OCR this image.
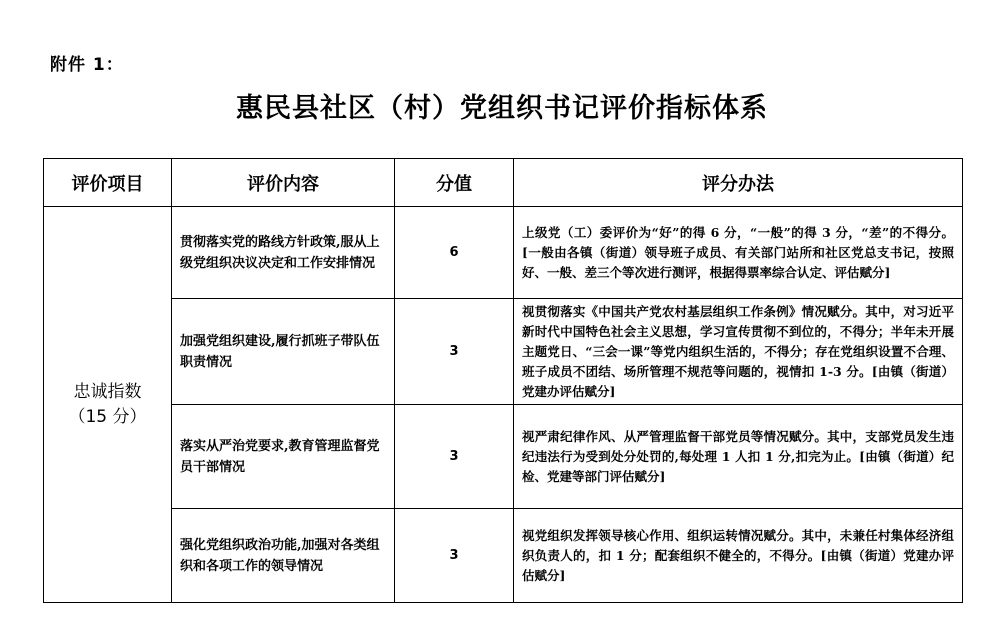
附件 1：
惠民县社区（村）党组织书记评价指标体系
评价项目	评价内容	分值	评分办法

忠诚指数
（15 分）	贯彻落实党的路线方针政策,服从上级党组织决议决定和工作安排情况	6	上级党（工）委评价为“好”的得 6 分，“一般”的得 3 分，“差”的不得分。[一般由各镇（街道）领导班子成员、有关部门站所和社区党总支书记，按照好、一般、差三个等次进行测评，根据得票率综合认定、评估赋分]
	加强党组织建设,履行抓班子带队伍职责情况	3	视贯彻落实《中国共产党农村基层组织工作条例》情况赋分。其中，对习近平新时代中国特色社会主义思想，学习宣传贯彻不到位的，不得分；半年未开展主题党日、“三会一课”等党内组织生活的，不得分；存在党组织设置不合理、班子成员不团结、场所管理不规范等问题的，视情扣 1-3 分。[由镇（街道）党建办评估赋分]
	落实从严治党要求,教育管理监督党员干部情况	3	视严肃纪律作风、从严管理监督干部党员等情况赋分。其中，支部党员发生违纪违法行为受到处分处罚的,每处理 1 人扣 1 分,扣完为止。[由镇（街道）纪检、党建等部门评估赋分]
	强化党组织政治功能,加强对各类组织和各项工作的领导情况	3	视党组织发挥领导核心作用、组织运转情况赋分。其中，未兼任村集体经济组织负责人的，扣 1 分；配套组织不健全的，不得分。[由镇（街道）党建办评估赋分]
